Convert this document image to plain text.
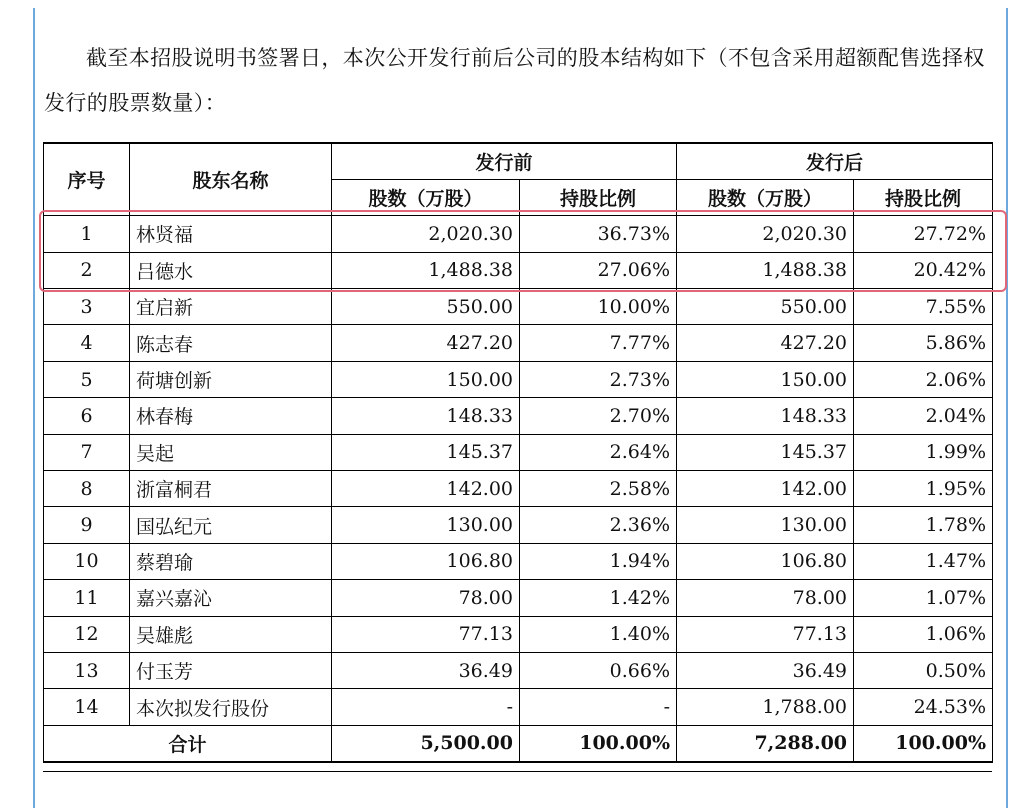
截至本招股说明书签署日，本次公开发行前后公司的股本结构如下（不包含采用超额配售选择权发行的股票数量）：

序号	股东名称	发行前		发行后	
		股数（万股）	持股比例	股数（万股）	持股比例
1	林贤福	2,020.30	36.73%	2,020.30	27.72%
2	吕德水	1,488.38	27.06%	1,488.38	20.42%
3	宜启新	550.00	10.00%	550.00	7.55%
4	陈志春	427.20	7.77%	427.20	5.86%
5	荷塘创新	150.00	2.73%	150.00	2.06%
6	林春梅	148.33	2.70%	148.33	2.04%
7	吴起	145.37	2.64%	145.37	1.99%
8	浙富桐君	142.00	2.58%	142.00	1.95%
9	国弘纪元	130.00	2.36%	130.00	1.78%
10	蔡碧瑜	106.80	1.94%	106.80	1.47%
11	嘉兴嘉沁	78.00	1.42%	78.00	1.07%
12	吴雄彪	77.13	1.40%	77.13	1.06%
13	付玉芳	36.49	0.66%	36.49	0.50%
14	本次拟发行股份	-	-	1,788.00	24.53%
合计		5,500.00	100.00%	7,288.00	100.00%
